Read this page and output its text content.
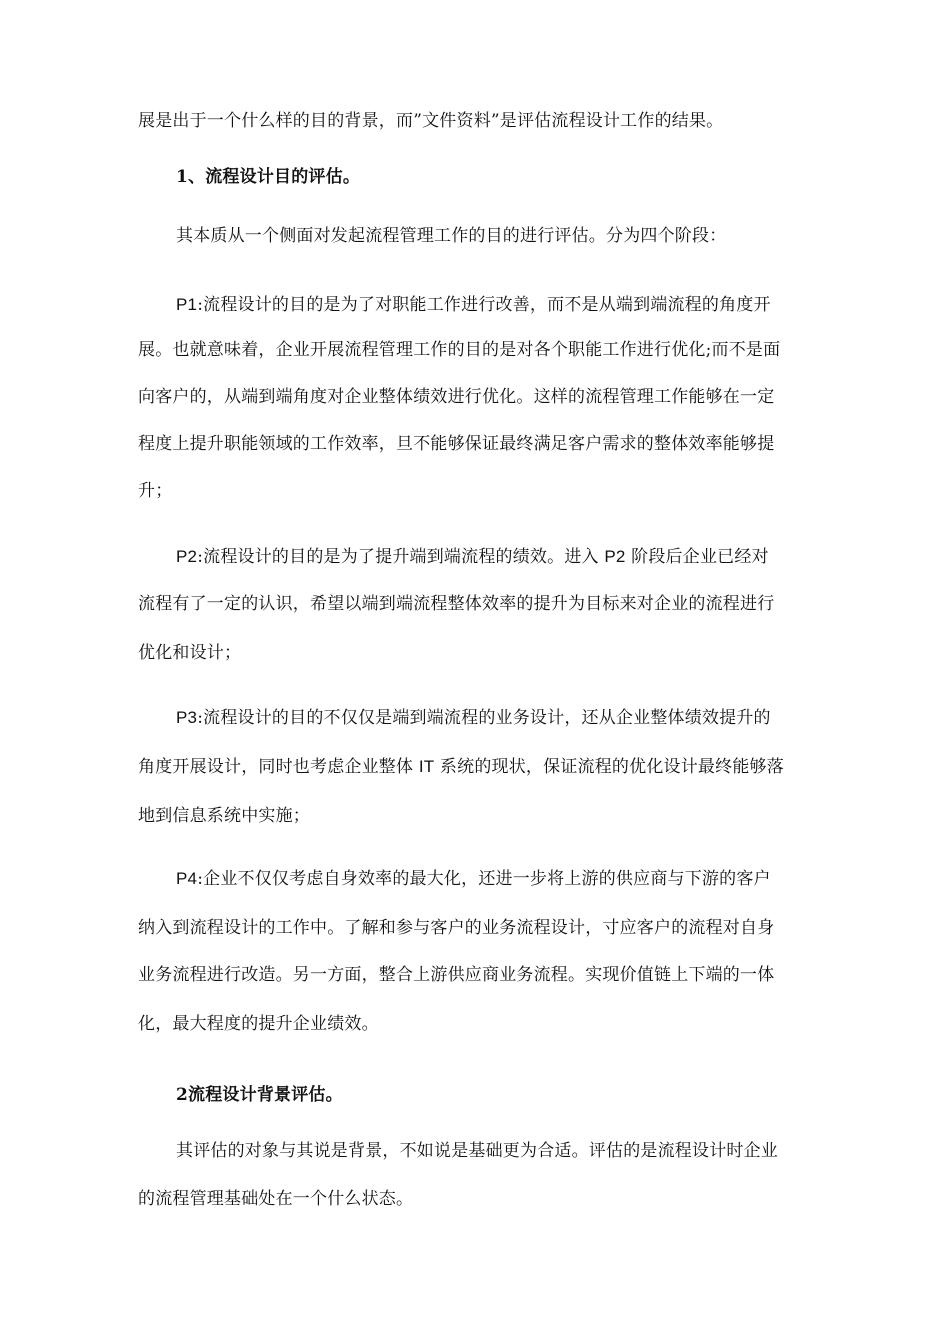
展是出于一个什么样的目的背景，而”文件资料”是评估流程设计工作的结果。
1、流程设计目的评估。
其本质从一个侧面对发起流程管理工作的目的进行评估。分为四个阶段：
P1:流程设计的目的是为了对职能工作进行改善，而不是从端到端流程的角度开
展。也就意味着，企业开展流程管理工作的目的是对各个职能工作进行优化;而不是面
向客户的，从端到端角度对企业整体绩效进行优化。这样的流程管理工作能够在一定
程度上提升职能领域的工作效率，旦不能够保证最终满足客户需求的整体效率能够提
升；
P2:流程设计的目的是为了提升端到端流程的绩效。进入 P2 阶段后企业已经对
流程有了一定的认识，希望以端到端流程整体效率的提升为目标来对企业的流程进行
优化和设计；
P3:流程设计的目的不仅仅是端到端流程的业务设计，还从企业整体绩效提升的
角度开展设计，同时也考虑企业整体 IT 系统的现状，保证流程的优化设计最终能够落
地到信息系统中实施；
P4:企业不仅仅考虑自身效率的最大化，还进一步将上游的供应商与下游的客户
纳入到流程设计的工作中。了解和参与客户的业务流程设计，寸应客户的流程对自身
业务流程进行改造。另一方面，整合上游供应商业务流程。实现价值链上下端的一体
化，最大程度的提升企业绩效。
2流程设计背景评估。
其评估的对象与其说是背景，不如说是基础更为合适。评估的是流程设计时企业
的流程管理基础处在一个什么状态。
